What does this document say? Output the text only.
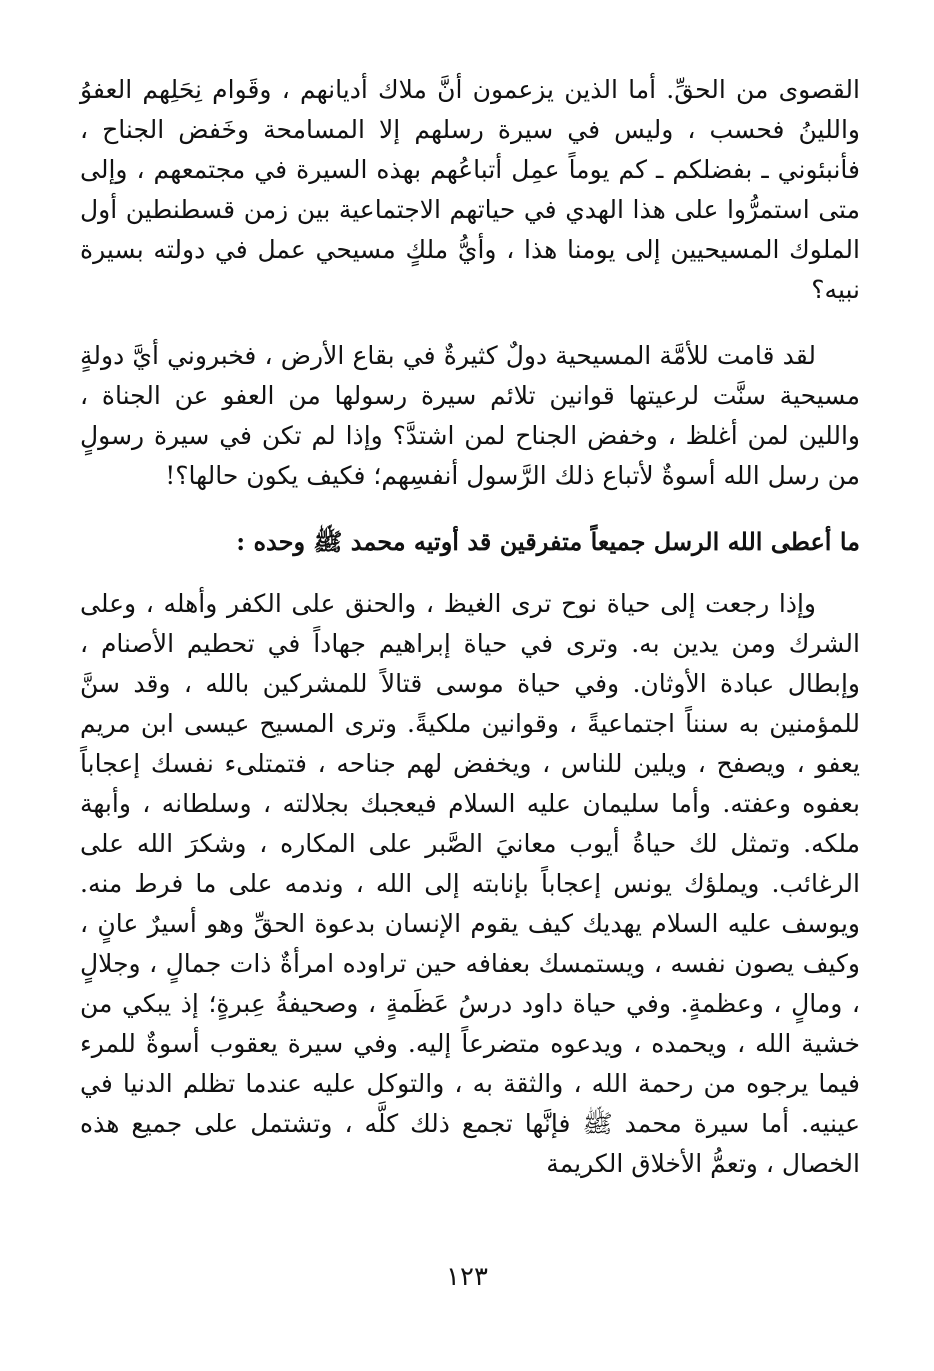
القصوى من الحقِّ. أما الذين يزعمون أنَّ ملاك أديانهم ، وقَوام نِحَلِهم العفوُ واللينُ فحسب ، وليس في سيرة رسلهم إلا المسامحة وخَفض الجناح ، فأنبئوني ـ بفضلكم ـ كم يوماً عمِل أتباعُهم بهذه السيرة في مجتمعهم ، وإلى متى استمرُّوا على هذا الهدي في حياتهم الاجتماعية بين زمن قسطنطين أول الملوك المسيحيين إلى يومنا هذا ، وأيُّ ملكٍ مسيحي عمل في دولته بسيرة نبيه؟

لقد قامت للأمَّة المسيحية دولٌ كثيرةٌ في بقاع الأرض ، فخبروني أيَّ دولةٍ مسيحية سنَّت لرعيتها قوانين تلائم سيرة رسولها من العفو عن الجناة ، واللين لمن أغلظ ، وخفض الجناح لمن اشتدَّ؟ وإذا لم تكن في سيرة رسولٍ من رسل الله أسوةٌ لأتباع ذلك الرَّسول أنفسِهم؛ فكيف يكون حالها؟!

ما أعطى الله الرسل جميعاً متفرقين قد أوتيه محمد ﷺ وحده :

وإذا رجعت إلى حياة نوح ترى الغيظ ، والحنق على الكفر وأهله ، وعلى الشرك ومن يدين به. وترى في حياة إبراهيم جهاداً في تحطيم الأصنام ، وإبطال عبادة الأوثان. وفي حياة موسى قتالاً للمشركين بالله ، وقد سنَّ للمؤمنين به سنناً اجتماعيةً ، وقوانين ملكيةً. وترى المسيح عيسى ابن مريم يعفو ، ويصفح ، ويلين للناس ، ويخفض لهم جناحه ، فتمتلىء نفسك إعجاباً بعفوه وعفته. وأما سليمان عليه السلام فيعجبك بجلالته ، وسلطانه ، وأبهة ملكه. وتمثل لك حياةُ أيوب معانيَ الصَّبر على المكاره ، وشكرَ الله على الرغائب. ويملؤك يونس إعجاباً بإنابته إلى الله ، وندمه على ما فرط منه. ويوسف عليه السلام يهديك كيف يقوم الإنسان بدعوة الحقِّ وهو أسيرٌ عانٍ ، وكيف يصون نفسه ، ويستمسك بعفافه حين تراوده امرأةٌ ذات جمالٍ ، وجلالٍ ، ومالٍ ، وعظمةٍ. وفي حياة داود درسُ عَظَمةٍ ، وصحيفةُ عِبرةٍ؛ إذ يبكي من خشية الله ، ويحمده ، ويدعوه متضرعاً إليه. وفي سيرة يعقوب أسوةٌ للمرء فيما يرجوه من رحمة الله ، والثقة به ، والتوكل عليه عندما تظلم الدنيا في عينيه. أما سيرة محمد ﷺ فإنَّها تجمع ذلك كلَّه ، وتشتمل على جميع هذه الخصال ، وتعمُّ الأخلاق الكريمة

١٢٣
